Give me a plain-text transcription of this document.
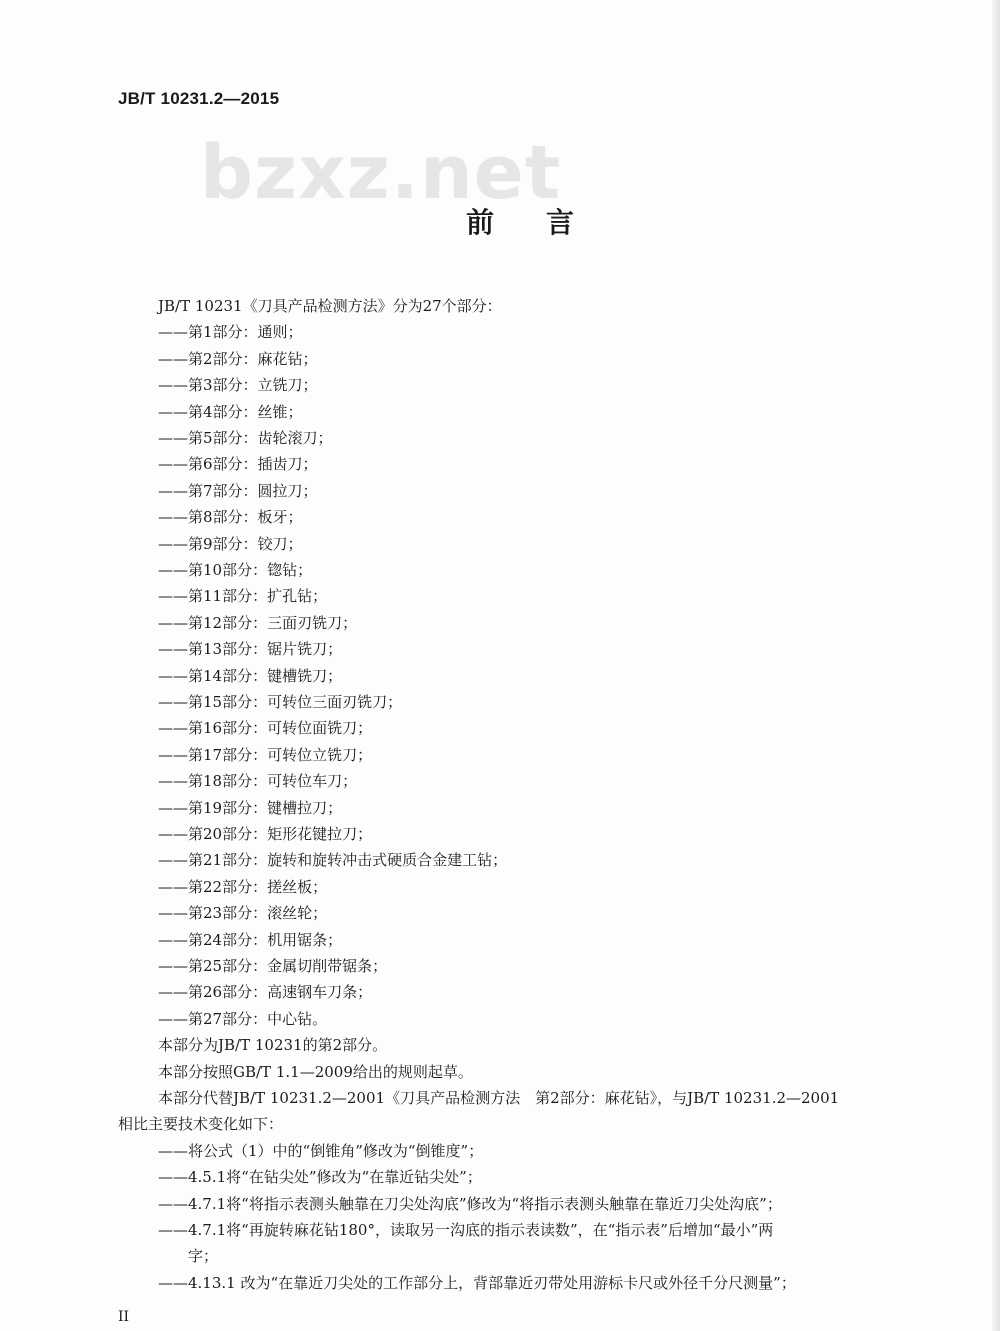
JB/T 10231.2—2015
bzxz.net
前言
JB/T 10231《刀具产品检测方法》分为27个部分：
——第1部分：通则；
——第2部分：麻花钻；
——第3部分：立铣刀；
——第4部分：丝锥；
——第5部分：齿轮滚刀；
——第6部分：插齿刀；
——第7部分：圆拉刀；
——第8部分：板牙；
——第9部分：铰刀；
——第10部分：锪钻；
——第11部分：扩孔钻；
——第12部分：三面刃铣刀；
——第13部分：锯片铣刀；
——第14部分：键槽铣刀；
——第15部分：可转位三面刃铣刀；
——第16部分：可转位面铣刀；
——第17部分：可转位立铣刀；
——第18部分：可转位车刀；
——第19部分：键槽拉刀；
——第20部分：矩形花键拉刀；
——第21部分：旋转和旋转冲击式硬质合金建工钻；
——第22部分：搓丝板；
——第23部分：滚丝轮；
——第24部分：机用锯条；
——第25部分：金属切削带锯条；
——第26部分：高速钢车刀条；
——第27部分：中心钻。
本部分为JB/T 10231的第2部分。
本部分按照GB/T 1.1—2009给出的规则起草。
本部分代替JB/T 10231.2—2001《刀具产品检测方法　第2部分：麻花钻》，与JB/T 10231.2—2001
相比主要技术变化如下：
——将公式（1）中的“倒锥角”修改为“倒锥度”；
——4.5.1将“在钻尖处”修改为“在靠近钻尖处”；
——4.7.1将“将指示表测头触靠在刀尖处沟底”修改为“将指示表测头触靠在靠近刀尖处沟底”；
——4.7.1将“再旋转麻花钻180°，读取另一沟底的指示表读数”，在“指示表”后增加“最小”两
字；
——4.13.1 改为“在靠近刀尖处的工作部分上，背部靠近刃带处用游标卡尺或外径千分尺测量”；
II
